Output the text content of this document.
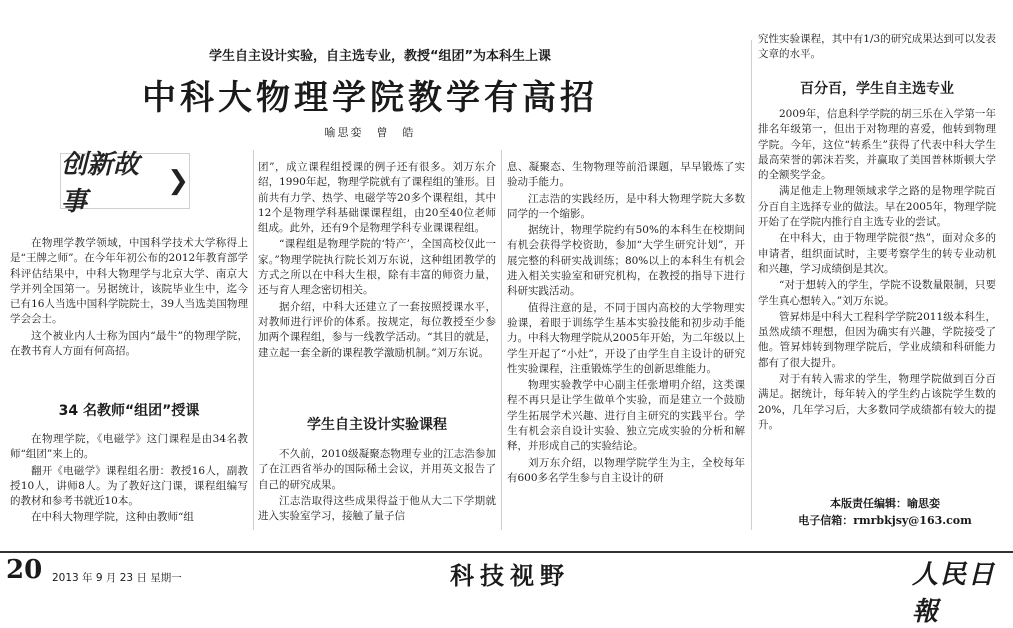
学生自主设计实验，自主选专业，教授“组团”为本科生上课
中科大物理学院教学有高招
喻思娈　曾　皓
创新故事
❯

在物理学教学领域，中国科学技术大学称得上是“王牌之师”。在今年年初公布的2012年教育部学科评估结果中，中科大物理学与北京大学、南京大学并列全国第一。另据统计，该院毕业生中，迄今已有16人当选中国科学院院士，39人当选美国物理学会会士。

这个被业内人士称为国内“最牛”的物理学院，在教书育人方面有何高招。

34 名教师“组团”授课

在物理学院，《电磁学》这门课程是由34名教师“组团”来上的。

翻开《电磁学》课程组名册：教授16人，副教授10人，讲师8人。为了教好这门课，课程组编写的教材和参考书就近10本。

在中科大物理学院，这种由教师“组

团”，成立课程组授课的例子还有很多。刘万东介绍，1990年起，物理学院就有了课程组的雏形。目前共有力学、热学、电磁学等20多个课程组，其中12个是物理学科基础课课程组，由20至40位老师组成。此外，还有9个是物理学科专业课课程组。

“课程组是物理学院的‘特产’，全国高校仅此一家。”物理学院执行院长刘万东说，这种组团教学的方式之所以在中科大生根，除有丰富的师资力量，还与育人理念密切相关。

据介绍，中科大还建立了一套按照授课水平，对教师进行评价的体系。按规定，每位教授至少参加两个课程组，参与一线教学活动。“其目的就是，建立起一套全新的课程教学激励机制。”刘万东说。

学生自主设计实验课程

不久前，2010级凝聚态物理专业的江志浩参加了在江西省举办的国际稀土会议，并用英文报告了自己的研究成果。

江志浩取得这些成果得益于他从大二下学期就进入实验室学习，接触了量子信

息、凝聚态、生物物理等前沿课题，早早锻炼了实验动手能力。

江志浩的实践经历，是中科大物理学院大多数同学的一个缩影。

据统计，物理学院约有50%的本科生在校期间有机会获得学校资助，参加“大学生研究计划”，开展完整的科研实战训练；80%以上的本科生有机会进入相关实验室和研究机构，在教授的指导下进行科研实践活动。

值得注意的是，不同于国内高校的大学物理实验课，着眼于训练学生基本实验技能和初步动手能力。中科大物理学院从2005年开始，为二年级以上学生开起了“小灶”，开设了由学生自主设计的研究性实验课程，注重锻炼学生的创新思维能力。

物理实验教学中心副主任张增明介绍，这类课程不再只是让学生做单个实验，而是建立一个鼓励学生拓展学术兴趣、进行自主研究的实践平台。学生有机会亲自设计实验、独立完成实验的分析和解释，并形成自己的实验结论。

刘万东介绍，以物理学院学生为主，全校每年有600多名学生参与自主设计的研

究性实验课程，其中有1/3的研究成果达到可以发表文章的水平。

百分百，学生自主选专业

2009年，信息科学学院的胡三乐在入学第一年排名年级第一，但出于对物理的喜爱，他转到物理学院。今年，这位“转系生”获得了代表中科大学生最高荣誉的郭沫若奖，并赢取了美国普林斯顿大学的全额奖学金。

满足他走上物理领域求学之路的是物理学院百分百自主选择专业的做法。早在2005年，物理学院开始了在学院内推行自主选专业的尝试。

在中科大，由于物理学院很“热”，面对众多的申请者，组织面试时，主要考察学生的转专业动机和兴趣，学习成绩倒是其次。

“对于想转入的学生，学院不设数量限制，只要学生真心想转入。”刘万东说。

管昇炜是中科大工程科学学院2011级本科生，虽然成绩不理想，但因为确实有兴趣，学院接受了他。管昇炜转到物理学院后，学业成绩和科研能力都有了很大提升。

对于有转入需求的学生，物理学院做到百分百满足。据统计，每年转入的学生约占该院学生数的20%，几年学习后，大多数同学成绩都有较大的提升。

本版责任编辑：喻思娈
电子信箱：rmrbkjsy@163.com
20 2013 年 9 月 23 日 星期一	科技视野	人民日報
